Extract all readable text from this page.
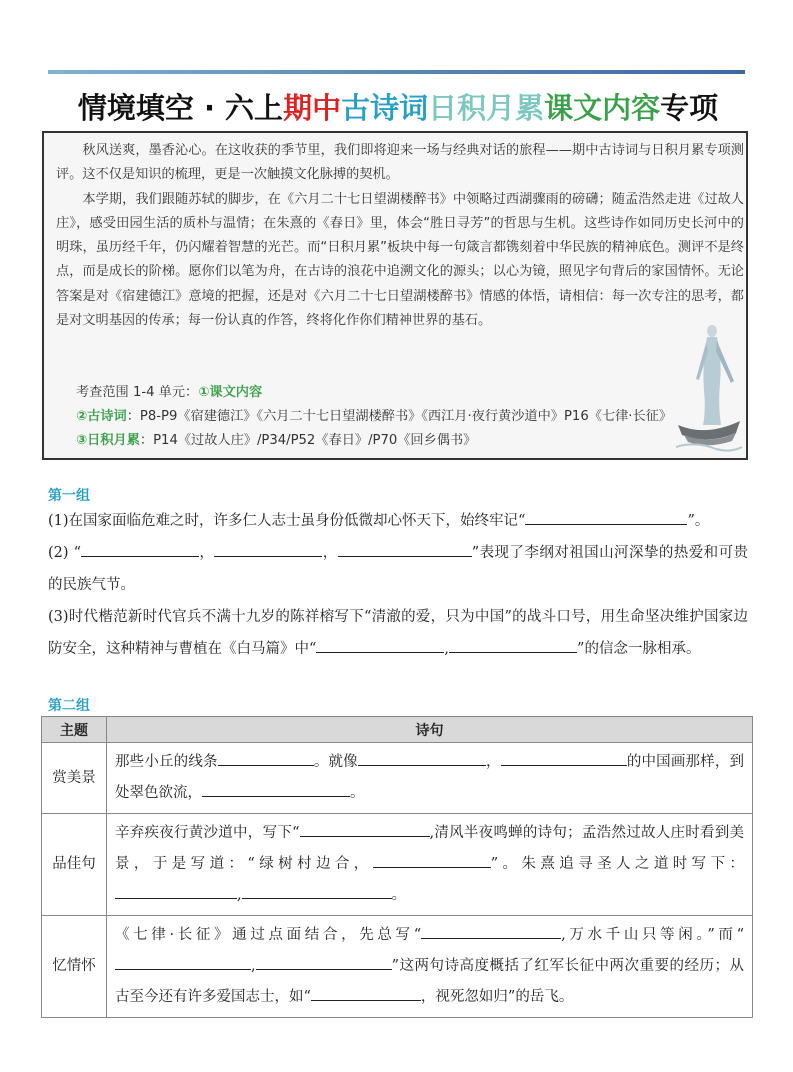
情境填空 · 六上期中古诗词日积月累课文内容专项

秋风送爽，墨香沁心。在这收获的季节里，我们即将迎来一场与经典对话的旅程——期中古诗词与日积月累专项测评。这不仅是知识的梳理，更是一次触摸文化脉搏的契机。

本学期，我们跟随苏轼的脚步，在《六月二十七日望湖楼醉书》中领略过西湖骤雨的磅礴；随孟浩然走进《过故人庄》，感受田园生活的质朴与温情；在朱熹的《春日》里，体会“胜日寻芳”的哲思与生机。这些诗作如同历史长河中的明珠，虽历经千年，仍闪耀着智慧的光芒。而“日积月累”板块中每一句箴言都镌刻着中华民族的精神底色。测评不是终点，而是成长的阶梯。愿你们以笔为舟，在古诗的浪花中追溯文化的源头；以心为镜，照见字句背后的家国情怀。无论答案是对《宿建德江》意境的把握，还是对《六月二十七日望湖楼醉书》情感的体悟，请相信：每一次专注的思考，都是对文明基因的传承；每一份认真的作答，终将化作你们精神世界的基石。

考查范围 1-4 单元：①课文内容
②古诗词：P8-P9《宿建德江》《六月二十七日望湖楼醉书》《西江月·夜行黄沙道中》P16《七律·长征》
③日积月累：P14《过故人庄》/P34/P52《春日》/P70《回乡偶书》
第一组

(1)在国家面临危难之时，许多仁人志士虽身份低微却心怀天下，始终牢记“	”。

(2) “	，	，	”表现了李纲对祖国山河深挚的热爱和可贵的民族气节。

(3)时代楷范新时代官兵不满十九岁的陈祥榕写下“清澈的爱，只为中国”的战斗口号，用生命坚决维护国家边防安全，这种精神与曹植在《白马篇》中“	,	”的信念一脉相承。

第二组
主题	诗句
赏美景	那些小丘的线条 。就像 ， 的中国画那样，到处翠色欲流， 。
品佳句	辛弃疾夜行黄沙道中，写下“ ,清风半夜鸣蝉的诗句；孟浩然过故人庄时看到美景，于是写道：“绿树村边合， ”。朱熹追寻圣人之道时写下：, 。
忆情怀	《七律·长征》通过点面结合，先总写“ ,万水千山只等闲。”而“, ”这两句诗高度概括了红军长征中两次重要的经历；从古至今还有许多爱国志士，如“ ，视死忽如归”的岳飞。
